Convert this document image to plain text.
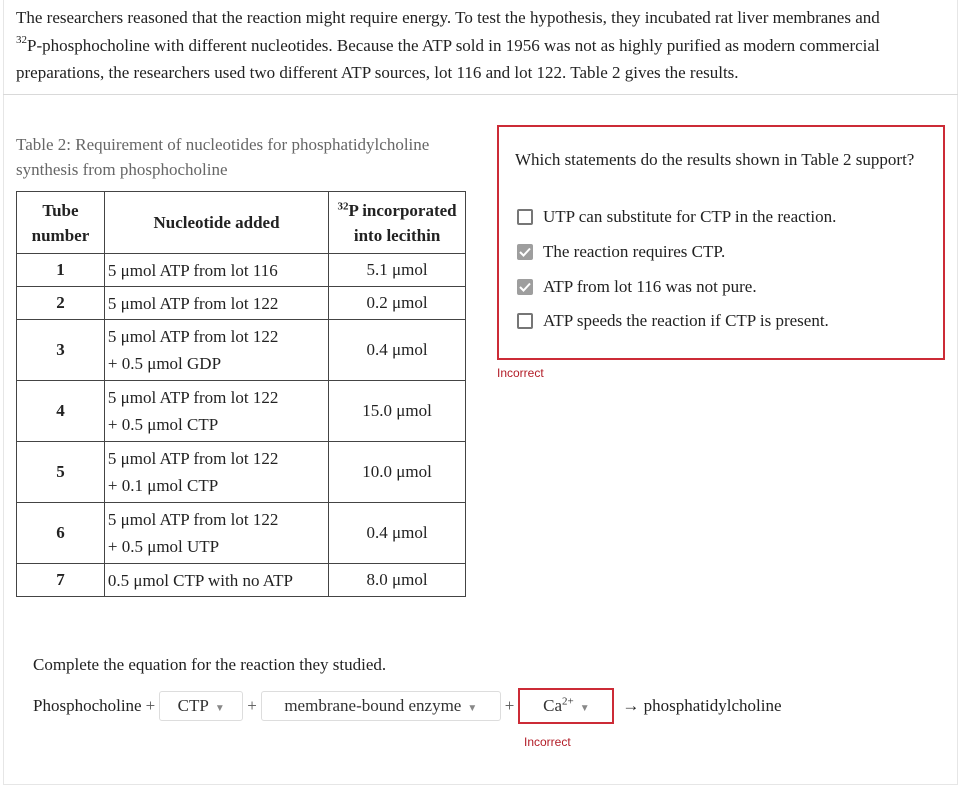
The researchers reasoned that the reaction might require energy. To test the hypothesis, they incubated rat liver membranes and
$^{32}$P-phosphocholine with different nucleotides. Because the ATP sold in 1956 was not as highly purified as modern commercial
preparations, the researchers used two different ATP sources, lot 116 and lot 122. Table 2 gives the results.
Table 2: Requirement of nucleotides for phosphatidylcholine synthesis from phosphocholine
Tube number	Nucleotide added	$^{32}$P incorporated into lecithin
1	5 μmol ATP from lot 116	5.1 μmol
2	5 μmol ATP from lot 122	0.2 μmol
3	5 μmol ATP from lot 122
+ 0.5 μmol GDP	0.4 μmol
4	5 μmol ATP from lot 122
+ 0.5 μmol CTP	15.0 μmol
5	5 μmol ATP from lot 122
+ 0.1 μmol CTP	10.0 μmol
6	5 μmol ATP from lot 122
+ 0.5 μmol UTP	0.4 μmol
7	0.5 μmol CTP with no ATP	8.0 μmol
Which statements do the results shown in Table 2 support?
UTP can substitute for CTP in the reaction.
The reaction requires CTP.
ATP from lot 116 was not pure.
ATP speeds the reaction if CTP is present.
Incorrect
Complete the equation for the reaction they studied.
Phosphocholine + CTP ▼ + membrane-bound enzyme ▼ + $Ca^{2+}$
▼ → phosphatidylcholine
Incorrect
